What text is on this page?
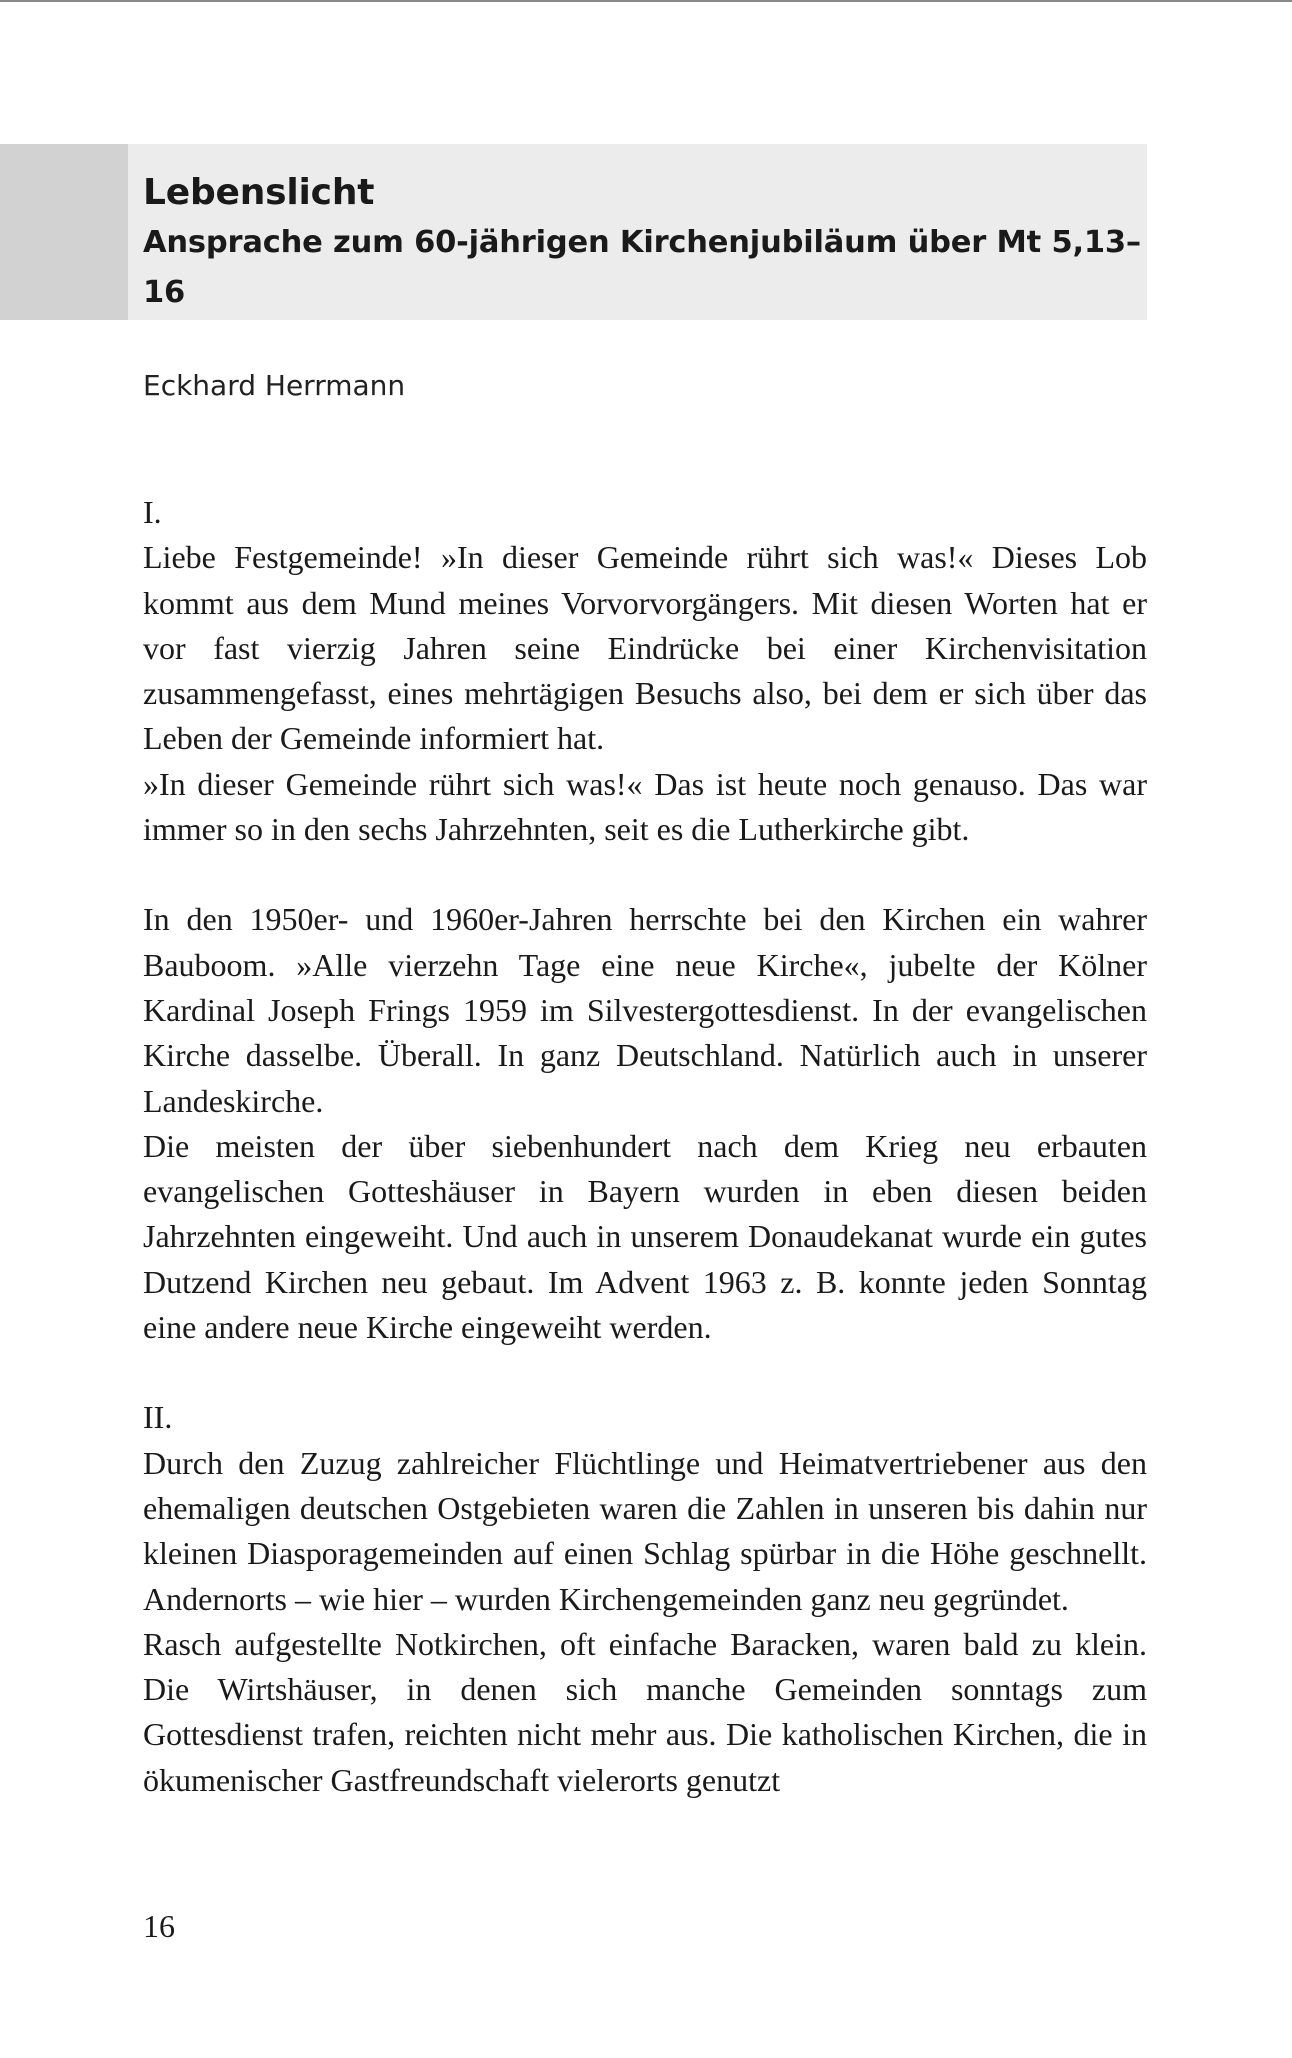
Lebenslicht
Ansprache zum 60-jährigen Kirchenjubiläum über Mt 5,13–16
Eckhard Herrmann

I.

Liebe Festgemeinde! »In dieser Gemeinde rührt sich was!« Dieses Lob kommt aus dem Mund meines Vorvorvorgängers. Mit diesen Worten hat er vor fast vierzig Jahren seine Eindrücke bei einer Kirchenvisitation zusammengefasst, eines mehrtägigen Besuchs also, bei dem er sich über das Leben der Gemeinde informiert hat.

»In dieser Gemeinde rührt sich was!« Das ist heute noch genauso. Das war immer so in den sechs Jahrzehnten, seit es die Lutherkirche gibt.

In den 1950er- und 1960er-Jahren herrschte bei den Kirchen ein wahrer Bauboom. »Alle vierzehn Tage eine neue Kirche«, jubelte der Kölner Kardinal Joseph Frings 1959 im Silvestergottesdienst. In der evangelischen Kirche dasselbe. Überall. In ganz Deutschland. Natürlich auch in unserer Landeskirche.

Die meisten der über siebenhundert nach dem Krieg neu erbauten evangelischen Gotteshäuser in Bayern wurden in eben diesen beiden Jahrzehnten eingeweiht. Und auch in unserem Donaudekanat wurde ein gutes Dutzend Kirchen neu gebaut. Im Advent 1963 z. B. konnte jeden Sonntag eine andere neue Kirche eingeweiht werden.

II.

Durch den Zuzug zahlreicher Flüchtlinge und Heimatvertriebener aus den ehemaligen deutschen Ostgebieten waren die Zahlen in unseren bis dahin nur kleinen Diasporagemeinden auf einen Schlag spürbar in die Höhe geschnellt. Andernorts – wie hier – wurden Kirchengemeinden ganz neu gegründet.

Rasch aufgestellte Notkirchen, oft einfache Baracken, waren bald zu klein. Die Wirtshäuser, in denen sich manche Gemeinden sonntags zum Gottesdienst trafen, reichten nicht mehr aus. Die katholischen Kirchen, die in ökumenischer Gastfreundschaft vielerorts genutzt

16
